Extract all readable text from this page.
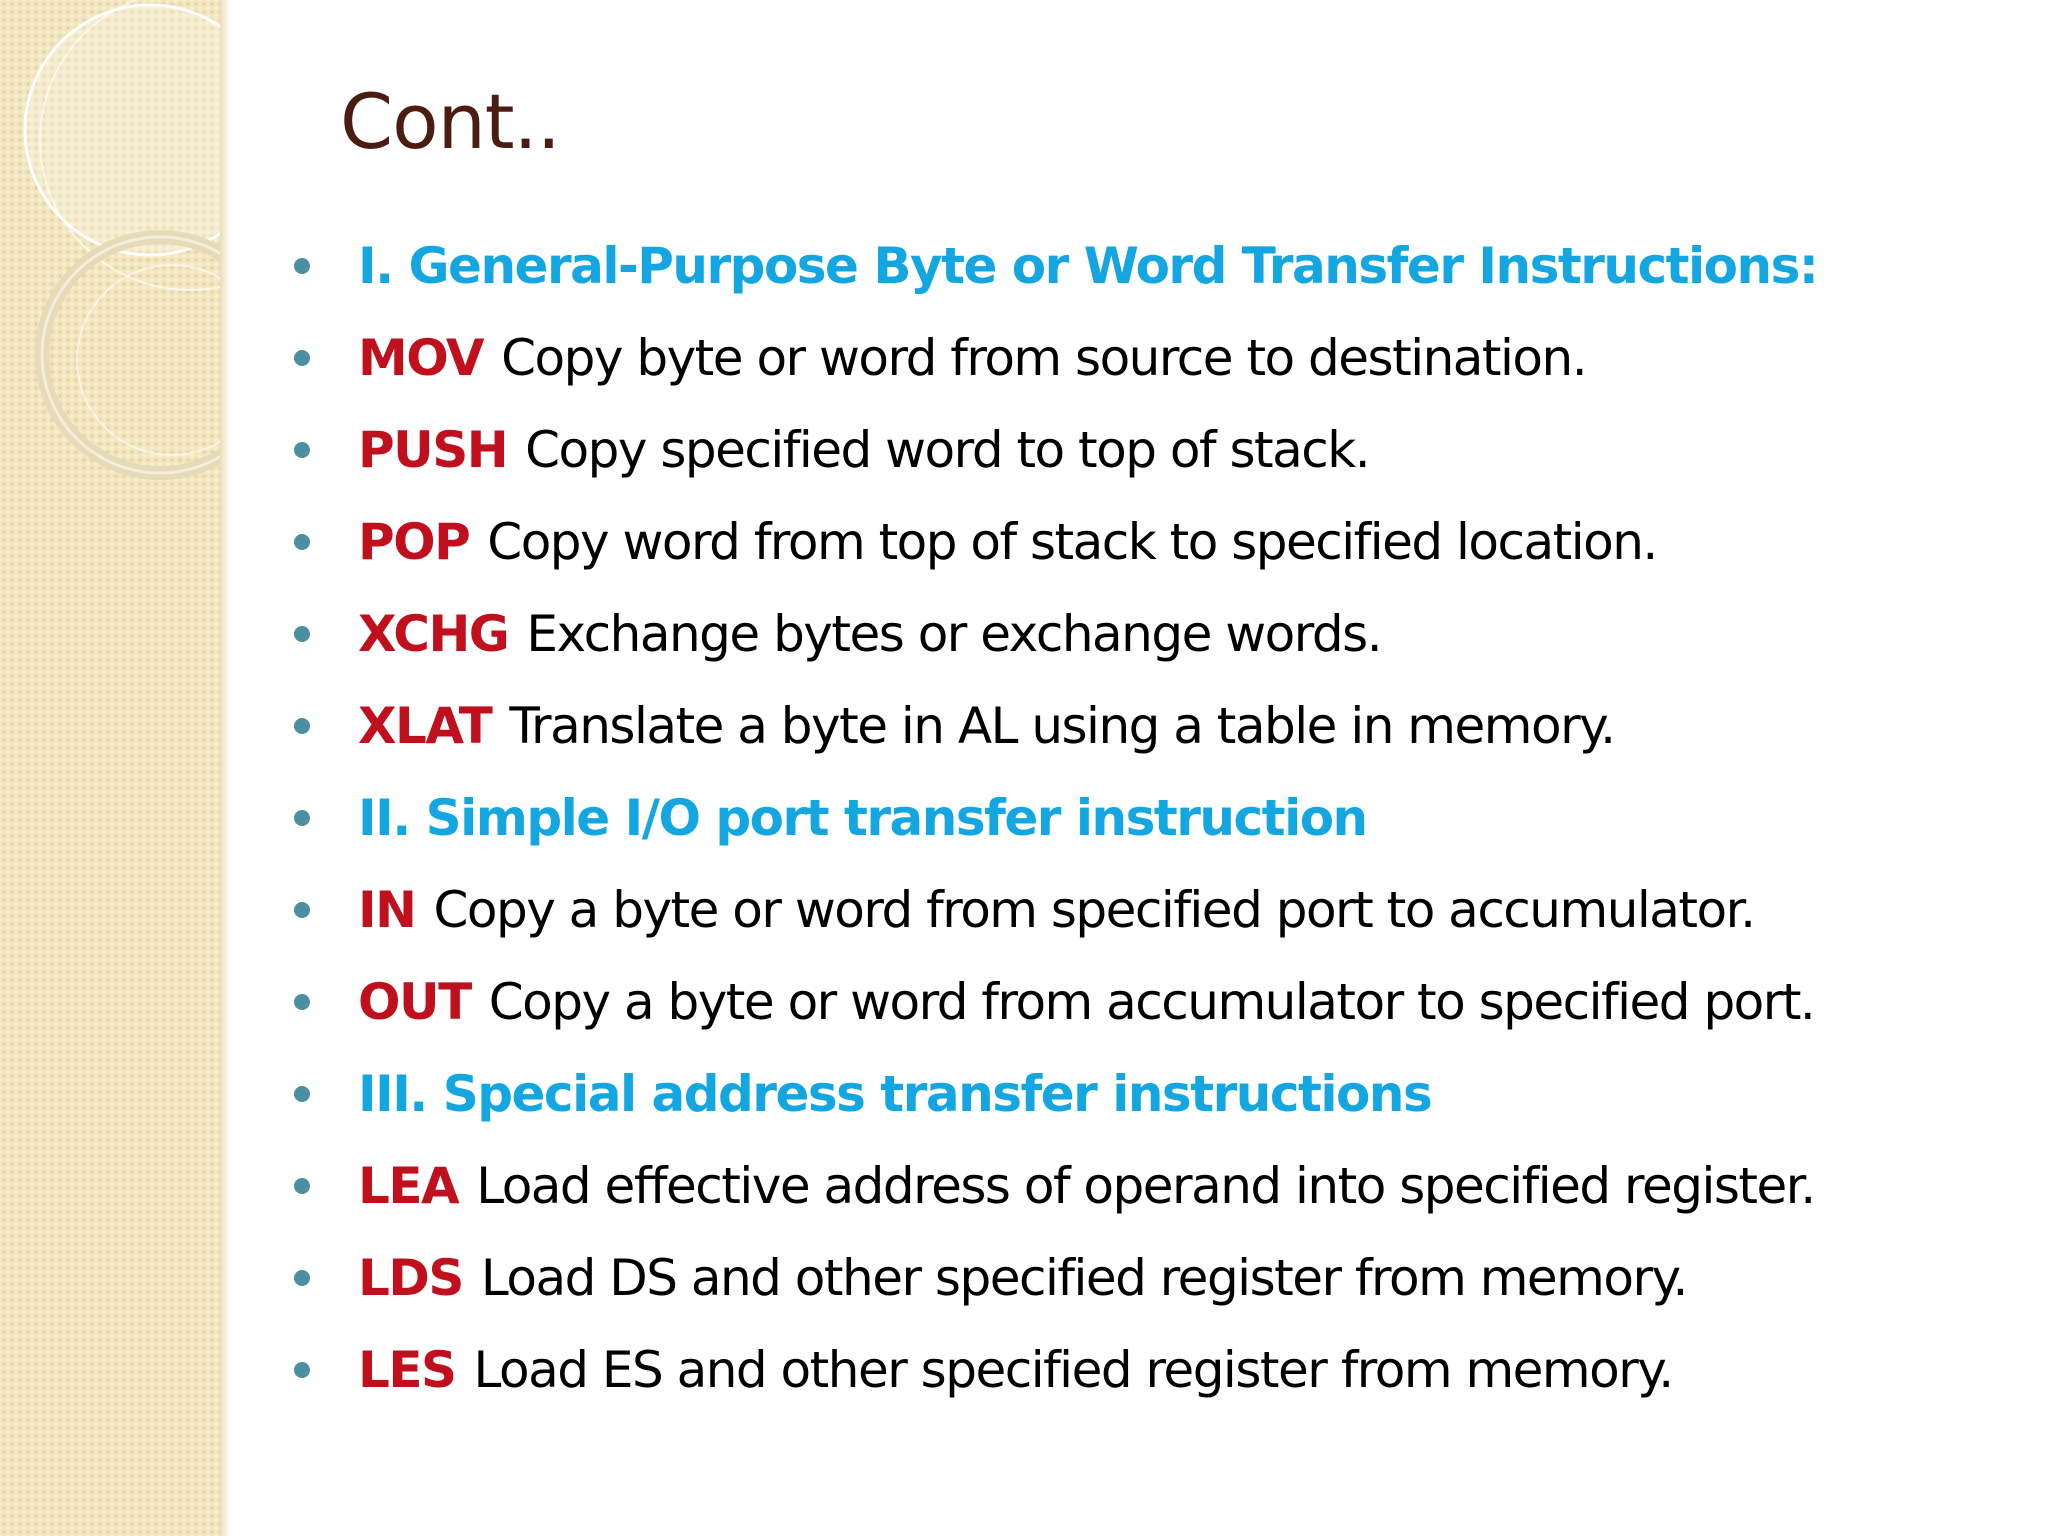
Cont..
I. General-Purpose Byte or Word Transfer Instructions:
MOV Copy byte or word from source to destination.
PUSH Copy specified word to top of stack.
POP Copy word from top of stack to specified location.
XCHG Exchange bytes or exchange words.
XLAT Translate a byte in AL using a table in memory.
II. Simple I/O port transfer instruction
IN Copy a byte or word from specified port to accumulator.
OUT Copy a byte or word from accumulator to specified port.
III. Special address transfer instructions
LEA Load effective address of operand into specified register.
LDS Load DS and other specified register from memory.
LES Load ES and other specified register from memory.
